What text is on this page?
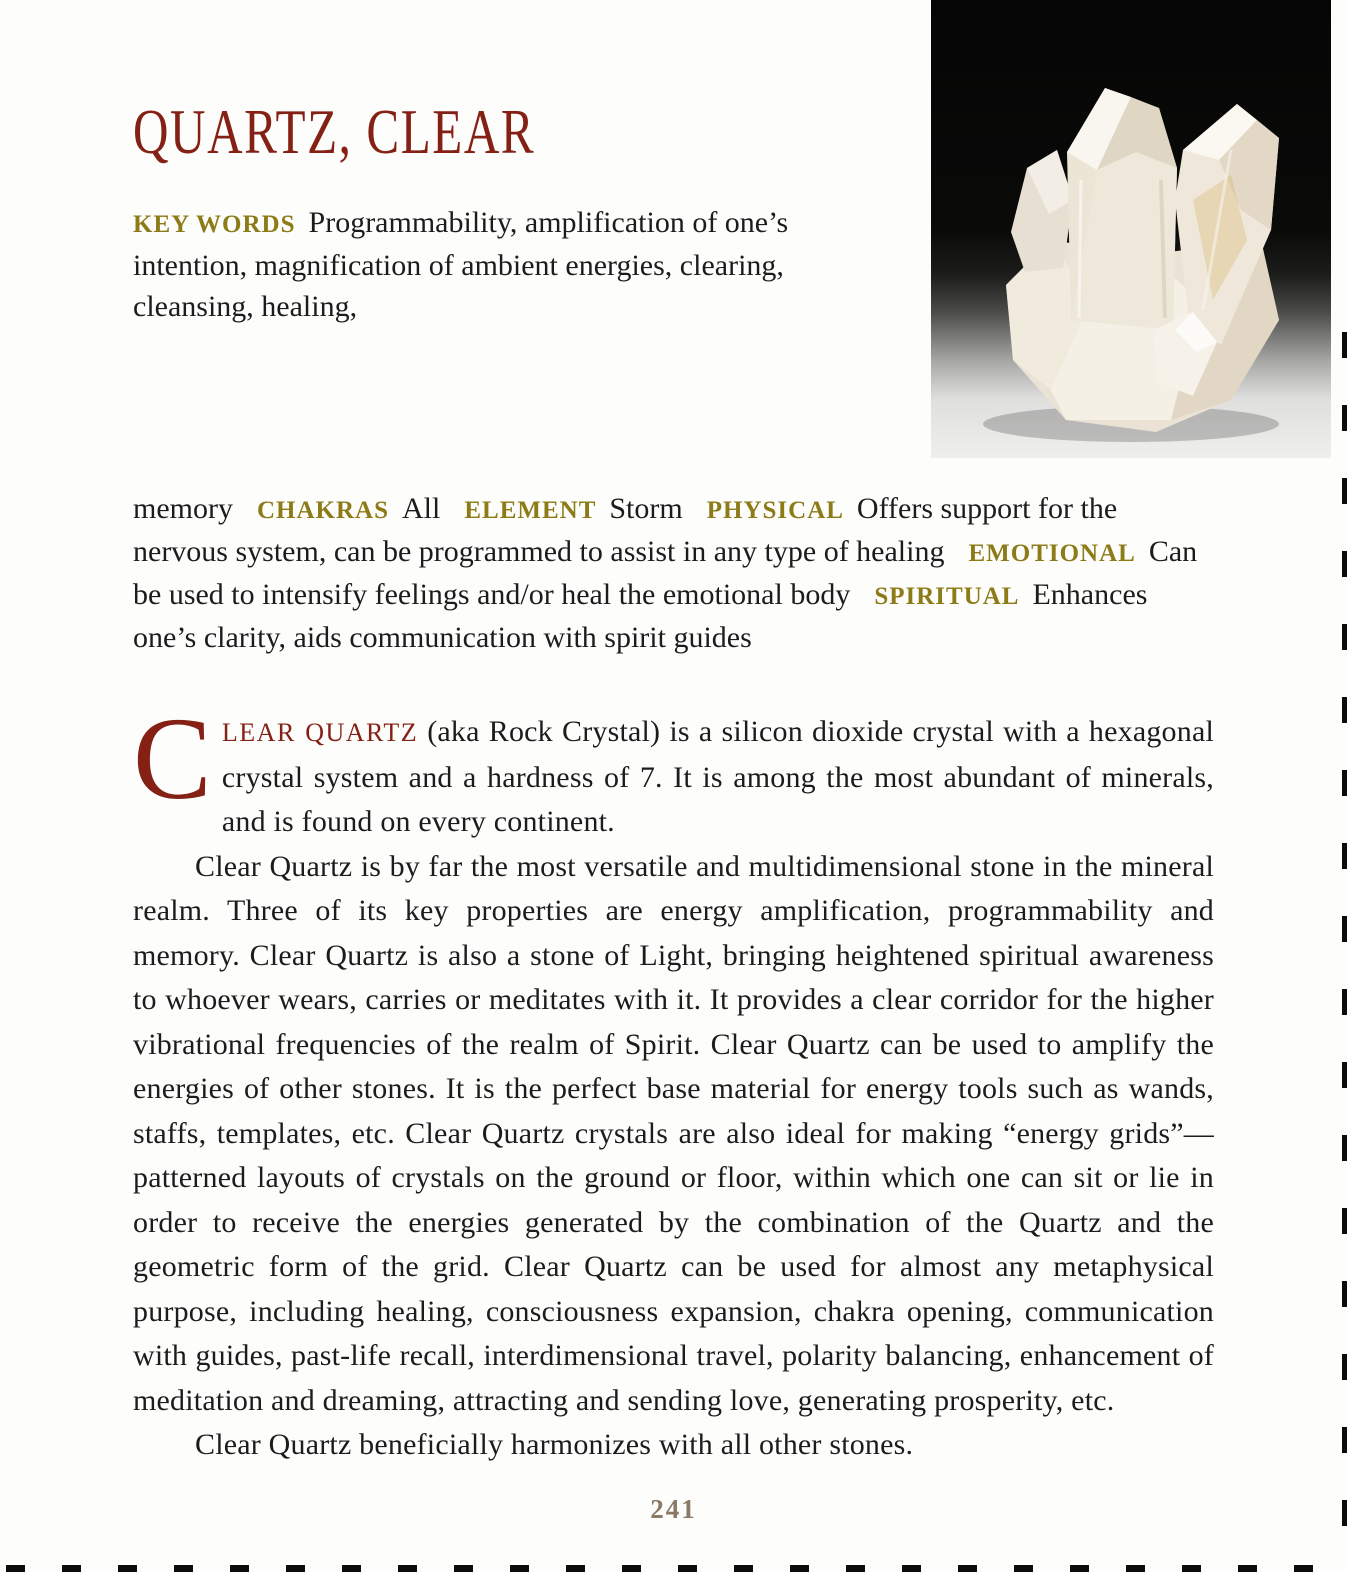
QUARTZ, CLEAR

KEY WORDS Programmability, amplification of one’s intention, magnification of ambient energies, clearing, cleansing, healing, memory CHAKRAS All ELEMENT Storm PHYSICAL Offers support for the nervous system, can be programmed to assist in any type of healing EMOTIONAL Can be used to intensify feelings and/or heal the emotional body SPIRITUAL Enhances one’s clarity, aids communication with spirit guides

CLEAR QUARTZ (aka Rock Crystal) is a silicon dioxide crystal with a hexagonal crystal system and a hardness of 7. It is among the most abundant of minerals, and is found on every continent.

Clear Quartz is by far the most versatile and multidimensional stone in the mineral realm. Three of its key properties are energy amplification, programmability and memory. Clear Quartz is also a stone of Light, bringing heightened spiritual awareness to whoever wears, carries or meditates with it. It provides a clear corridor for the higher vibrational frequencies of the realm of Spirit. Clear Quartz can be used to amplify the energies of other stones. It is the perfect base material for energy tools such as wands, staffs, templates, etc. Clear Quartz crystals are also ideal for making “energy grids”—patterned layouts of crystals on the ground or floor, within which one can sit or lie in order to receive the energies generated by the combination of the Quartz and the geometric form of the grid. Clear Quartz can be used for almost any metaphysical purpose, including healing, consciousness expansion, chakra opening, communication with guides, past-life recall, interdimensional travel, polarity balancing, enhancement of meditation and dreaming, attracting and sending love, generating prosperity, etc.

Clear Quartz beneficially harmonizes with all other stones.

241
